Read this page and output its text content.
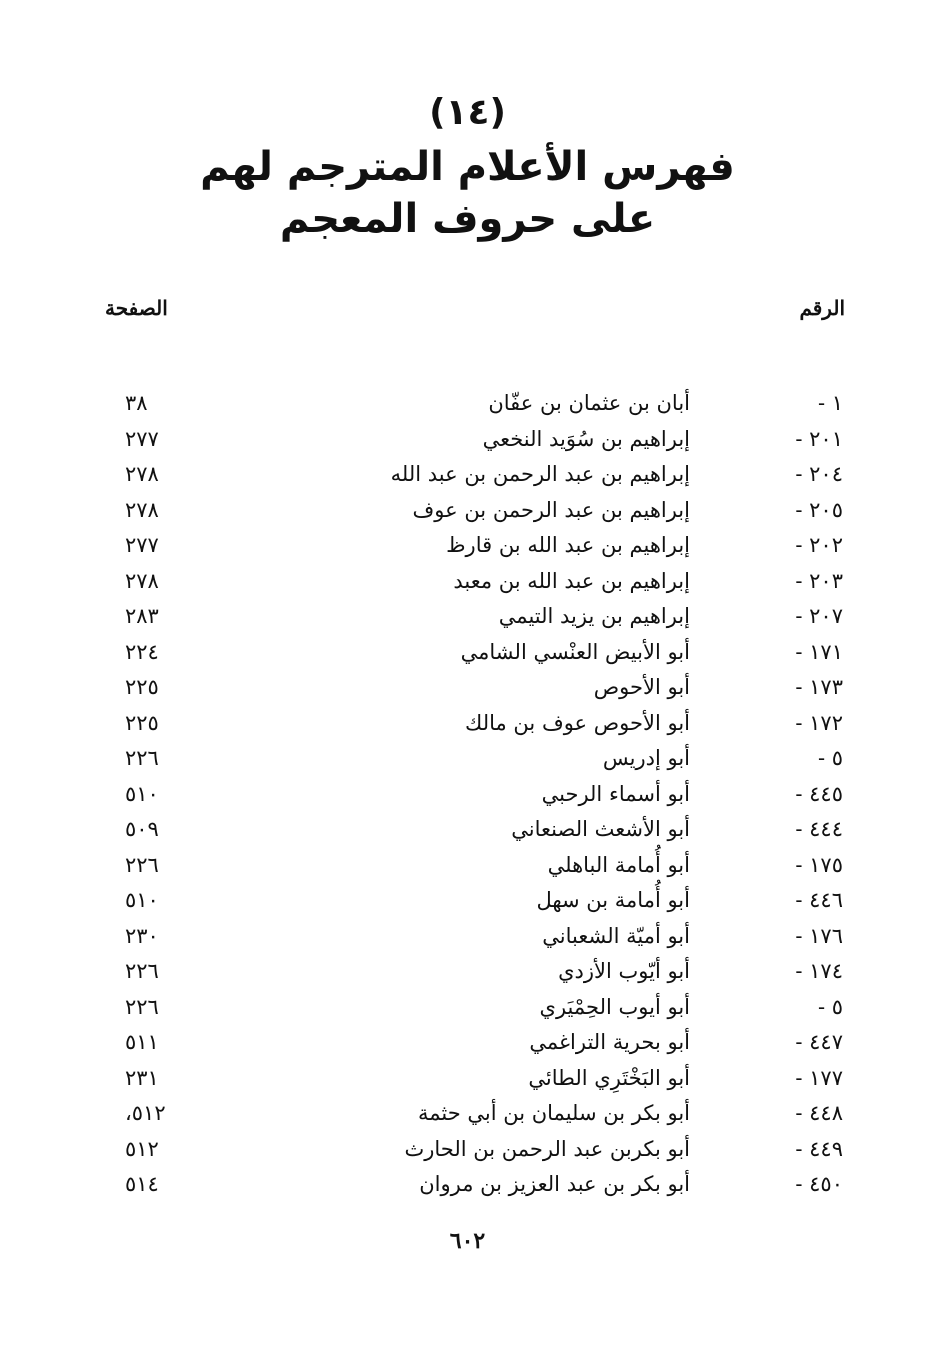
(١٤)
فهرس الأعلام المترجم لهم
على حروف المعجم
الرقم
الصفحة
١ -
أبان بن عثمان بن عفّان
٣٨
٢٠١ -
إبراهيم بن سُوَيد النخعي
٢٧٧
٢٠٤ -
إبراهيم بن عبد الرحمن بن عبد الله
٢٧٨
٢٠٥ -
إبراهيم بن عبد الرحمن بن عوف
٢٧٨
٢٠٢ -
إبراهيم بن عبد الله بن قارظ
٢٧٧
٢٠٣ -
إبراهيم بن عبد الله بن معبد
٢٧٨
٢٠٧ -
إبراهيم بن يزيد التيمي
٢٨٣
١٧١ -
أبو الأبيض العنْسي الشامي
٢٢٤
١٧٣ -
أبو الأحوص
٢٢٥
١٧٢ -
أبو الأحوص عوف بن مالك
٢٢٥
٥ -
أبو إدريس
٢٢٦
٤٤٥ -
أبو أسماء الرحبي
٥١٠
٤٤٤ -
أبو الأشعث الصنعاني
٥٠٩
١٧٥ -
أبو أُمامة الباهلي
٢٢٦
٤٤٦ -
أبو أُمامة بن سهل
٥١٠
١٧٦ -
أبو أميّة الشعباني
٢٣٠
١٧٤ -
أبو أيّوب الأزدي
٢٢٦
٥ -
أبو أيوب الحِمْيَري
٢٢٦
٤٤٧ -
أبو بحرية التراغمي
٥١١
١٧٧ -
أبو البَخْتَرِي الطائي
٢٣١
٤٤٨ -
أبو بكر بن سليمان بن أبي حثمة
٥١٢،
٤٤٩ -
أبو بكربن عبد الرحمن بن الحارث
٥١٢
٤٥٠ -
أبو بكر بن عبد العزيز بن مروان
٥١٤
٦٠٢
